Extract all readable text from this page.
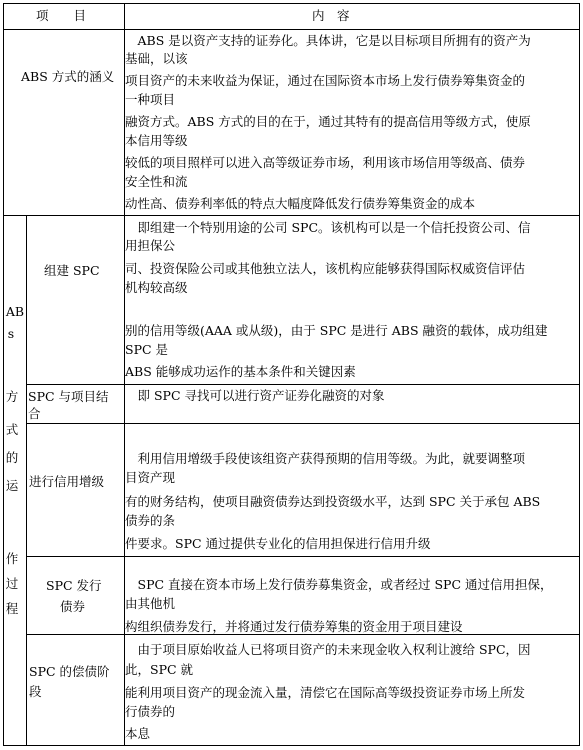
项　　目	内　容
ABS 方式的涵义
　ABS 是以资产支持的证券化。具体讲，它是以目标项目所拥有的资产为
基础，以该
项目资产的未来收益为保证，通过在国际资本市场上发行债券筹集资金的
一种项目
融资方式。ABS 方式的目的在于，通过其特有的提高信用等级方式，使原
本信用等级
较低的项目照样可以进入高等级证券市场，利用该市场信用等级高、债券
安全性和流
动性高、债券利率低的特点大幅度降低发行债券筹集资金的成本
AB
s
方
式
的
运
作
过
程
组建 SPC
　即组建一个特别用途的公司 SPC。该机构可以是一个信托投资公司、信
用担保公
司、投资保险公司或其他独立法人，该机构应能够获得国际权威资信评估
机构较高级
别的信用等级(AAA 或从级)，由于 SPC 是进行 ABS 融资的载体，成功组建
SPC 是
ABS 能够成功运作的基本条件和关键因素
SPC 与项目结
合
　即 SPC 寻找可以进行资产证券化融资的对象
进行信用增级
　利用信用增级手段使该组资产获得预期的信用等级。为此，就要调整项
目资产现
有的财务结构，使项目融资债券达到投资级水平，达到 SPC 关于承包 ABS
债券的条
件要求。SPC 通过提供专业化的信用担保进行信用升级
SPC 发行
债券
　SPC 直接在资本市场上发行债券募集资金，或者经过 SPC 通过信用担保，
由其他机
构组织债券发行，并将通过发行债券筹集的资金用于项目建设
SPC 的偿债阶
段
　由于项目原始收益人已将项目资产的未来现金收入权利让渡给 SPC，因
此，SPC 就
能利用项目资产的现金流入量，清偿它在国际高等级投资证券市场上所发
行债券的
本息
